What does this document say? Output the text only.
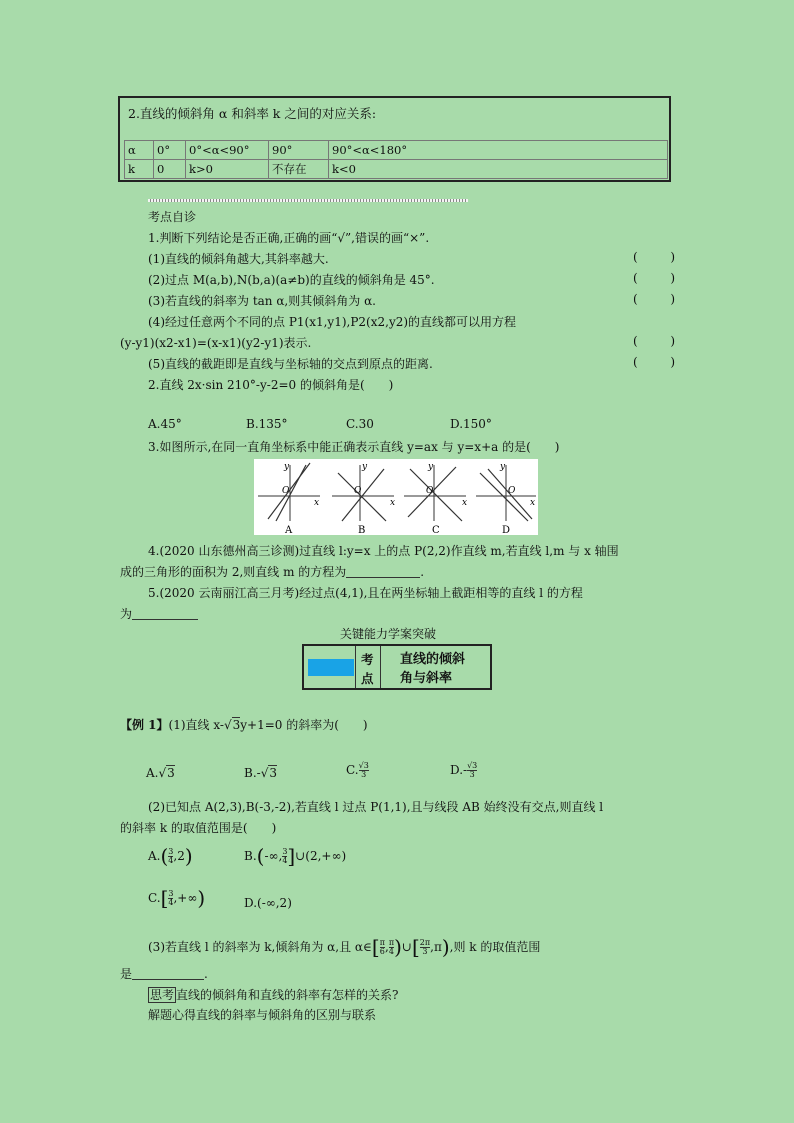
2.直线的倾斜角 α 和斜率 k 之间的对应关系:
α	0°	0°<α<90°	90°	90°<α<180°
k	0	k>0	不存在	k<0
考点自诊
1.判断下列结论是否正确,正确的画“√”,错误的画“×”.
(1)直线的倾斜角越大,其斜率越大.	(	)
(2)过点 M(a,b),N(b,a)(a≠b)的直线的倾斜角是 45°.	(	)
(3)若直线的斜率为 tan α,则其倾斜角为 α.	(	)
(4)经过任意两个不同的点 P1(x1,y1),P2(x2,y2)的直线都可以用方程
(y-y1)(x2-x1)=(x-x1)(y2-y1)表示.
(5)直线的截距即是直线与坐标轴的交点到原点的距离.	(	)
(	)
2.直线 2x·sin 210°-y-2=0 的倾斜角是(　　)
A.45°	B.135°	C.30	D.150°
3.如图所示,在同一直角坐标系中能正确表示直线 y=ax 与 y=x+a 的是(　　)
y
O
x
A
y
O
x
B
y
O
x
C
y
O
x
D
4.(2020 山东德州高三诊测)过直线 l:y=x 上的点 P(2,2)作直线 m,若直线 l,m 与 x 轴围
成的三角形的面积为 2,则直线 m 的方程为	.
5.(2020 云南丽江高三月考)经过点(4,1),且在两坐标轴上截距相等的直线 l 的方程
为
关键能力学案突破
考
点
直线的倾斜
角与斜率
【例 1】(1)直线 x-√3y+1=0 的斜率为(　　)
A.√3	B.-√3	$C.\frac{√3}{3}$	$D.-\frac{√3}{3}$
(2)已知点 A(2,3),B(-3,-2),若直线 l 过点 P(1,1),且与线段 AB 始终没有交点,则直线 l
的斜率 k 的取值范围是(　　)
A.(3
4 ,2)	B.(-∞,3
4 ]∪(2,+∞)
C.[3
4 ,+∞)	D.(-∞,2)
(3)若直线 l 的斜率为 k,倾斜角为 α,且 α∈[π
6 ,π
4 )∪[2π
3 ,π),则 k 的取值范围
是	.
思考 直线的倾斜角和直线的斜率有怎样的关系?
解题心得直线的斜率与倾斜角的区别与联系
